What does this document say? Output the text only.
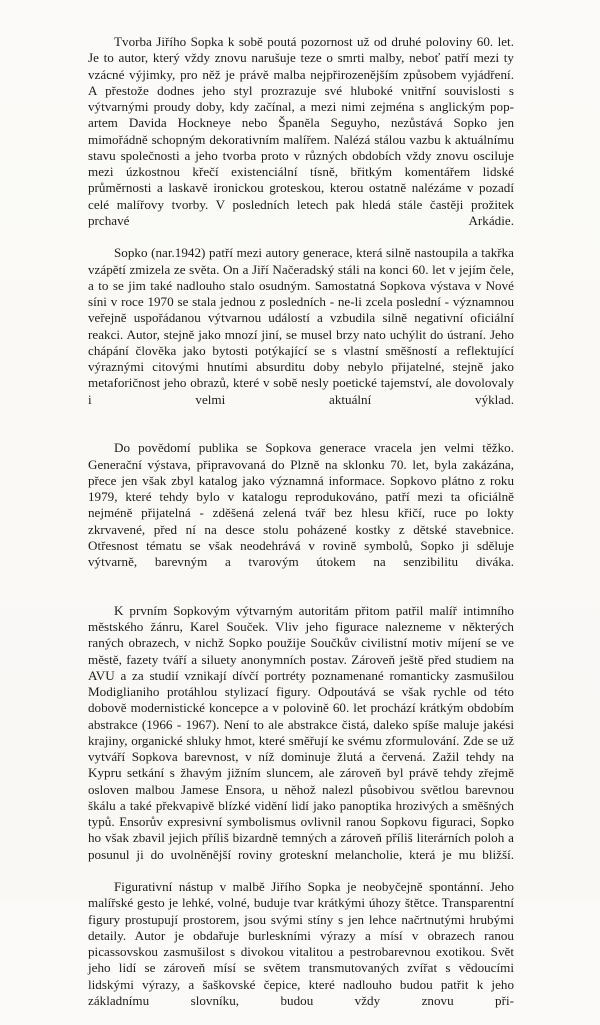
Tvorba Jiřího Sopka k sobě poutá pozornost už od druhé poloviny 60. let. Je to autor, který vždy znovu narušuje teze o smrti malby, neboť patří mezi ty vzácné výjimky, pro něž je právě malba nejpřirozenějším způsobem vyjádření. A přestože dodnes jeho styl prozrazuje své hluboké vnitřní souvislosti s výtvarnými proudy doby, kdy začínal, a mezi nimi zejména s anglickým pop-artem Davida Hockneye nebo Španěla Seguyho, nezůstává Sopko jen mimořádně schopným dekorativním malířem. Nalézá stálou vazbu k aktuálnímu stavu společnosti a jeho tvorba proto v různých obdobích vždy znovu osciluje mezi úzkostnou křečí existenciální tísně, břitkým komentářem lidské průměrnosti a laskavě ironickou groteskou, kterou ostatně nalézáme v pozadí celé malířovy tvorby. V posledních letech pak hledá stále častěji prožitek prchavé Arkádie.

Sopko (nar.1942) patří mezi autory generace, která silně nastoupila a takřka vzápětí zmizela ze světa. On a Jiří Načeradský stáli na konci 60. let v jejím čele, a to se jim také nadlouho stalo osudným. Samostatná Sopkova výstava v Nové síni v roce 1970 se stala jednou z posledních - ne-li zcela poslední - významnou veřejně uspořádanou výtvarnou událostí a vzbudila silně negativní oficiální reakci. Autor, stejně jako mnozí jiní, se musel brzy nato uchýlit do ústraní. Jeho chápání člověka jako bytosti potýkající se s vlastní směšností a reflektující výraznými citovými hnutími absurditu doby nebylo přijatelné, stejně jako metaforičnost jeho obrazů, které v sobě nesly poetické tajemství, ale dovolovaly i velmi aktuální výklad.

Do povědomí publika se Sopkova generace vracela jen velmi těžko. Generační výstava, připravovaná do Plzně na sklonku 70. let, byla zakázána, přece jen však zbyl katalog jako významná informace. Sopkovo plátno z roku 1979, které tehdy bylo v katalogu reprodukováno, patří mezi ta oficiálně nejméně přijatelná - zděšená zelená tvář bez hlesu křičí, ruce po lokty zkrvavené, před ní na desce stolu poházené kostky z dětské stavebnice. Otřesnost tématu se však neodehrává v rovině symbolů, Sopko ji sděluje výtvarně, barevným a tvarovým útokem na senzibilitu diváka.

K prvním Sopkovým výtvarným autoritám přitom patřil malíř intimního městského žánru, Karel Souček. Vliv jeho figurace nalezneme v některých raných obrazech, v nichž Sopko použije Součkův civilistní motiv míjení se ve městě, fazety tváří a siluety anonymních postav. Zároveň ještě před studiem na AVU a za studií vznikají dívčí portréty poznamenané romanticky zasmušilou Modiglianiho protáhlou stylizací figury. Odpoutává se však rychle od této dobově modernistické koncepce a v polovině 60. let prochází krátkým obdobím abstrakce (1966 - 1967). Není to ale abstrakce čistá, daleko spíše maluje jakési krajiny, organické shluky hmot, které směřují ke svému zformulování. Zde se už vytváří Sopkova barevnost, v níž dominuje žlutá a červená. Zažil tehdy na Kypru setkání s žhavým jižním sluncem, ale zároveň byl právě tehdy zřejmě osloven malbou Jamese Ensora, u něhož nalezl působivou světlou barevnou škálu a také překvapivě blízké vidění lidí jako panoptika hrozivých a směšných typů. Ensorův expresivní symbolismus ovlivnil ranou Sopkovu figuraci, Sopko ho však zbavil jejich příliš bizardně temných a zároveň příliš literárních poloh a posunul ji do uvolněnější roviny groteskní melancholie, která je mu bližší.

Figurativní nástup v malbě Jiřího Sopka je neobyčejně spontánní. Jeho malířské gesto je lehké, volné, buduje tvar krátkými úhozy štětce. Transparentní figury prostupují prostorem, jsou svými stíny s jen lehce načrtnutými hrubými detaily. Autor je obdařuje burleskními výrazy a mísí v obrazech ranou picassovskou zasmušilost s divokou vitalitou a pestrobarevnou exotikou. Svět jeho lidí se zároveň mísí se světem transmutovaných zvířat s vědoucími lidskými výrazy, a šaškovské čepice, které nadlouho budou patřit k jeho základnímu slovníku, budou vždy znovu při-
